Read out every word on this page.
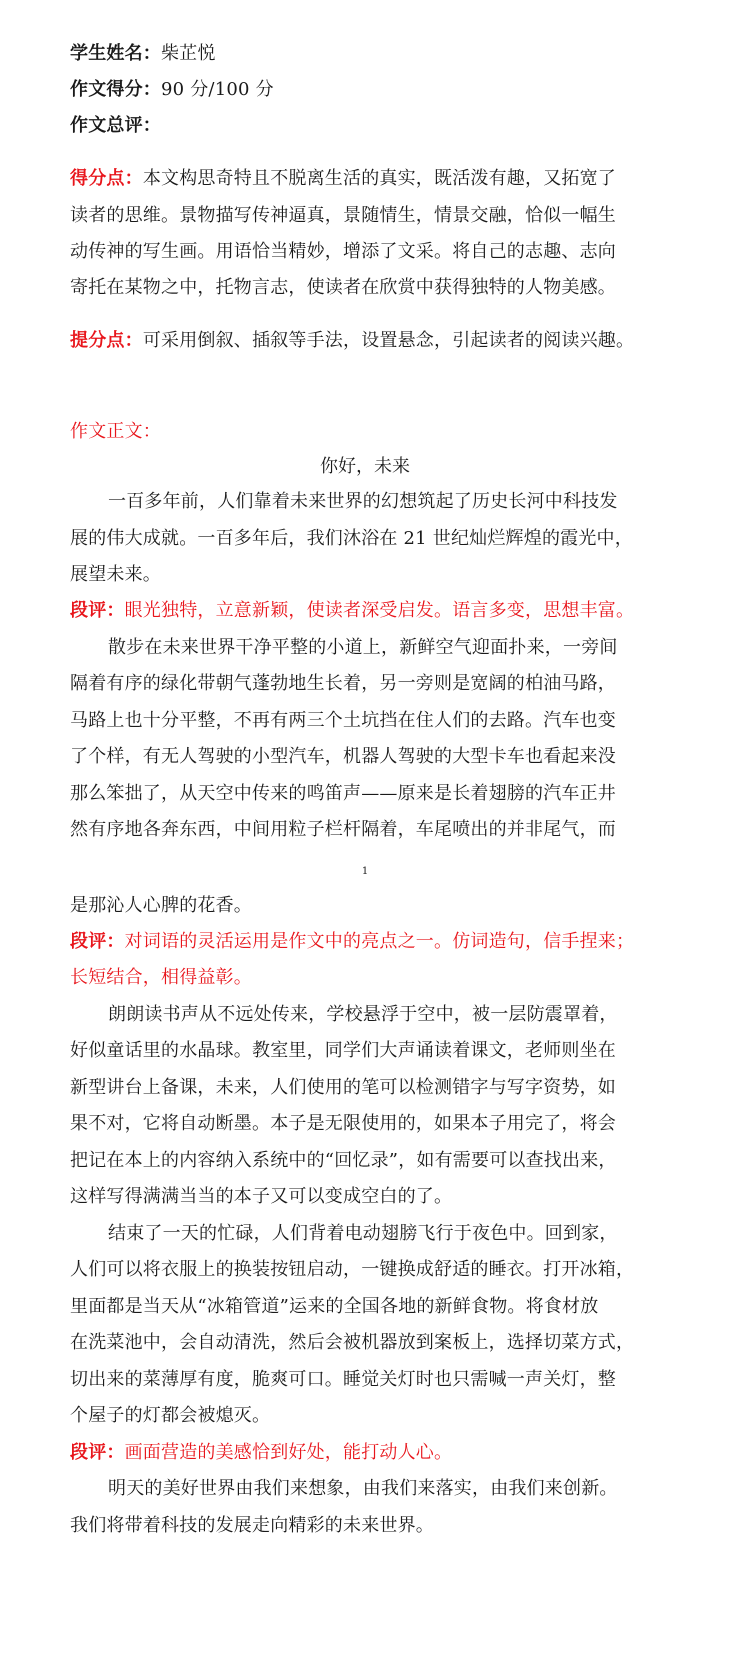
学生姓名：柴芷悦
作文得分：90 分/100 分
作文总评：
得分点：本文构思奇特且不脱离生活的真实，既活泼有趣，又拓宽了
读者的思维。景物描写传神逼真，景随情生，情景交融，恰似一幅生
动传神的写生画。用语恰当精妙，增添了文采。将自己的志趣、志向
寄托在某物之中，托物言志，使读者在欣赏中获得独特的人物美感。
提分点：可采用倒叙、插叙等手法，设置悬念，引起读者的阅读兴趣。
作文正文：
你好，未来
一百多年前，人们靠着未来世界的幻想筑起了历史长河中科技发
展的伟大成就。一百多年后，我们沐浴在 21 世纪灿烂辉煌的霞光中，
展望未来。
段评：眼光独特，立意新颖，使读者深受启发。语言多变，思想丰富。
散步在未来世界干净平整的小道上，新鲜空气迎面扑来，一旁间
隔着有序的绿化带朝气蓬勃地生长着，另一旁则是宽阔的柏油马路，
马路上也十分平整，不再有两三个土坑挡在住人们的去路。汽车也变
了个样，有无人驾驶的小型汽车，机器人驾驶的大型卡车也看起来没
那么笨拙了，从天空中传来的鸣笛声——原来是长着翅膀的汽车正井
然有序地各奔东西，中间用粒子栏杆隔着，车尾喷出的并非尾气，而
1
是那沁人心脾的花香。
段评：对词语的灵活运用是作文中的亮点之一。仿词造句，信手捏来；
长短结合，相得益彰。
朗朗读书声从不远处传来，学校悬浮于空中，被一层防震罩着，
好似童话里的水晶球。教室里，同学们大声诵读着课文，老师则坐在
新型讲台上备课，未来，人们使用的笔可以检测错字与写字资势，如
果不对，它将自动断墨。本子是无限使用的，如果本子用完了，将会
把记在本上的内容纳入系统中的“回忆录”，如有需要可以查找出来，
这样写得满满当当的本子又可以变成空白的了。
结束了一天的忙碌，人们背着电动翅膀飞行于夜色中。回到家，
人们可以将衣服上的换装按钮启动，一键换成舒适的睡衣。打开冰箱，
里面都是当天从“冰箱管道”运来的全国各地的新鲜食物。将食材放
在洗菜池中，会自动清洗，然后会被机器放到案板上，选择切菜方式，
切出来的菜薄厚有度，脆爽可口。睡觉关灯时也只需喊一声关灯，整
个屋子的灯都会被熄灭。
段评：画面营造的美感恰到好处，能打动人心。
明天的美好世界由我们来想象，由我们来落实，由我们来创新。
我们将带着科技的发展走向精彩的未来世界。
